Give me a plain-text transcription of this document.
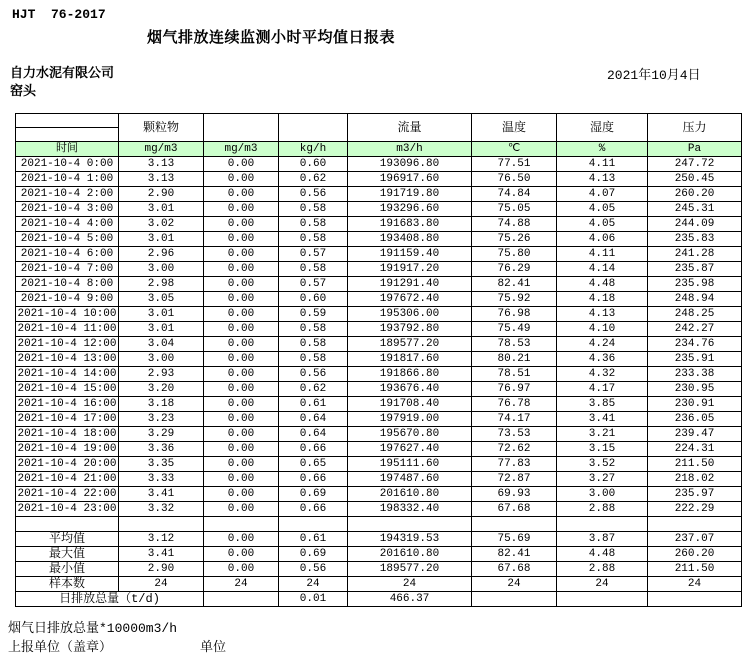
HJT  76-2017
烟气排放连续监测小时平均值日报表
自力水泥有限公司
窑头
2021年10月4日
	颗粒物			流量	温度	湿度	压力
时间	mg/m3	mg/m3	kg/h	m3/h	℃	%	Pa
2021-10-4 0:00	3.13	0.00	0.60	193096.80	77.51	4.11	247.72
2021-10-4 1:00	3.13	0.00	0.62	196917.60	76.50	4.13	250.45
2021-10-4 2:00	2.90	0.00	0.56	191719.80	74.84	4.07	260.20
2021-10-4 3:00	3.01	0.00	0.58	193296.60	75.05	4.05	245.31
2021-10-4 4:00	3.02	0.00	0.58	191683.80	74.88	4.05	244.09
2021-10-4 5:00	3.01	0.00	0.58	193408.80	75.26	4.06	235.83
2021-10-4 6:00	2.96	0.00	0.57	191159.40	75.80	4.11	241.28
2021-10-4 7:00	3.00	0.00	0.58	191917.20	76.29	4.14	235.87
2021-10-4 8:00	2.98	0.00	0.57	191291.40	82.41	4.48	235.98
2021-10-4 9:00	3.05	0.00	0.60	197672.40	75.92	4.18	248.94
2021-10-4 10:00	3.01	0.00	0.59	195306.00	76.98	4.13	248.25
2021-10-4 11:00	3.01	0.00	0.58	193792.80	75.49	4.10	242.27
2021-10-4 12:00	3.04	0.00	0.58	189577.20	78.53	4.24	234.76
2021-10-4 13:00	3.00	0.00	0.58	191817.60	80.21	4.36	235.91
2021-10-4 14:00	2.93	0.00	0.56	191866.80	78.51	4.32	233.38
2021-10-4 15:00	3.20	0.00	0.62	193676.40	76.97	4.17	230.95
2021-10-4 16:00	3.18	0.00	0.61	191708.40	76.78	3.85	230.91
2021-10-4 17:00	3.23	0.00	0.64	197919.00	74.17	3.41	236.05
2021-10-4 18:00	3.29	0.00	0.64	195670.80	73.53	3.21	239.47
2021-10-4 19:00	3.36	0.00	0.66	197627.40	72.62	3.15	224.31
2021-10-4 20:00	3.35	0.00	0.65	195111.60	77.83	3.52	211.50
2021-10-4 21:00	3.33	0.00	0.66	197487.60	72.87	3.27	218.02
2021-10-4 22:00	3.41	0.00	0.69	201610.80	69.93	3.00	235.97
2021-10-4 23:00	3.32	0.00	0.66	198332.40	67.68	2.88	222.29

平均值	3.12	0.00	0.61	194319.53	75.69	3.87	237.07
最大值	3.41	0.00	0.69	201610.80	82.41	4.48	260.20
最小值	2.90	0.00	0.56	189577.20	67.68	2.88	211.50
样本数	24	24	24	24	24	24	24
日排放总量（t/d)			0.01	466.37			
烟气日排放总量*10000m3/h
上报单位（盖章）	单位
